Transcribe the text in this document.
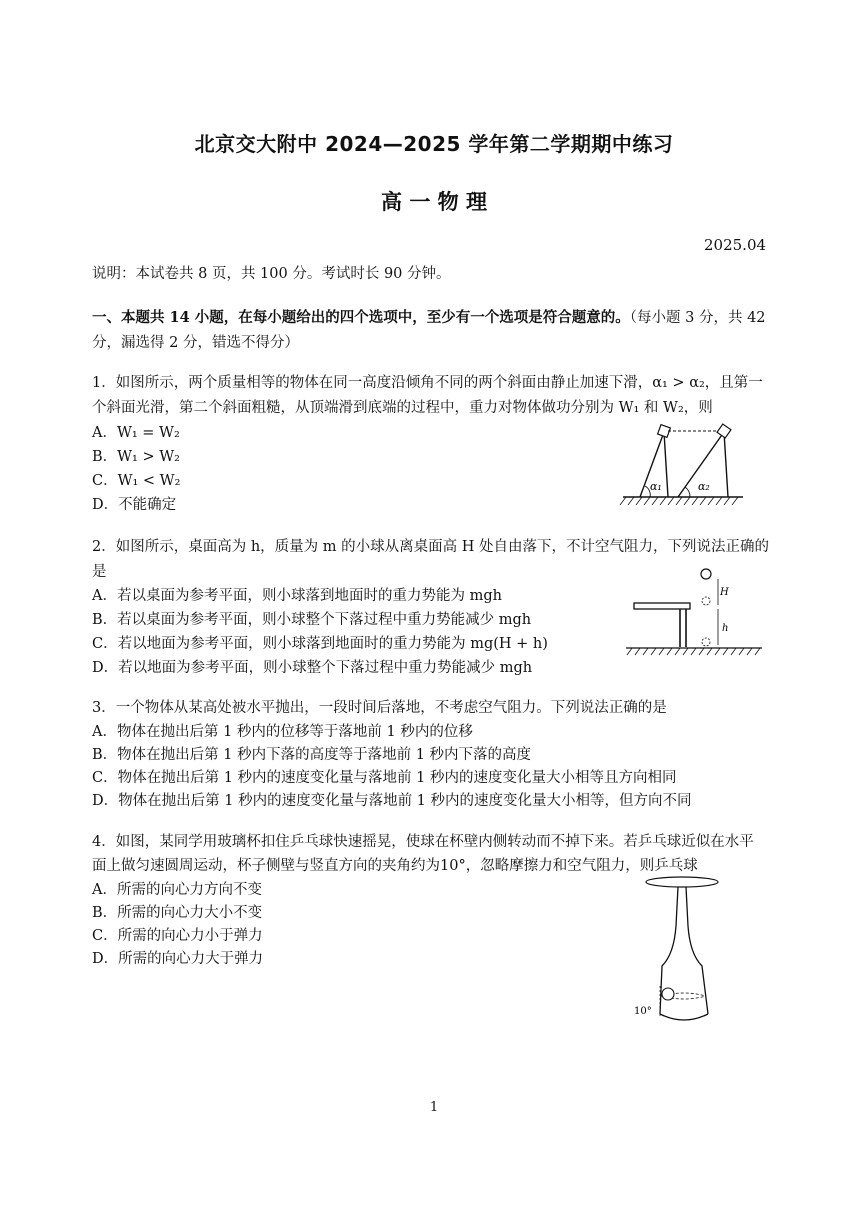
北京交大附中 2024—2025 学年第二学期期中练习
高 一 物 理
2025.04
说明：本试卷共 8 页，共 100 分。考试时长 90 分钟。
一、本题共 14 小题，在每小题给出的四个选项中，至少有一个选项是符合题意的。（每小题 3 分，共 42
分，漏选得 2 分，错选不得分）
1．如图所示，两个质量相等的物体在同一高度沿倾角不同的两个斜面由静止加速下滑，α₁ > α₂，且第一
个斜面光滑，第二个斜面粗糙，从顶端滑到底端的过程中，重力对物体做功分别为 W₁ 和 W₂，则
A．W₁ = W₂
B．W₁ > W₂
C．W₁ < W₂
D．不能确定
α₁	α₂
2．如图所示，桌面高为 h，质量为 m 的小球从离桌面高 H 处自由落下，不计空气阻力，下列说法正确的
是
A．若以桌面为参考平面，则小球落到地面时的重力势能为 mgh
B．若以桌面为参考平面，则小球整个下落过程中重力势能减少 mgh
C．若以地面为参考平面，则小球落到地面时的重力势能为 mg(H + h)
D．若以地面为参考平面，则小球整个下落过程中重力势能减少 mgh
H
h
3．一个物体从某高处被水平抛出，一段时间后落地，不考虑空气阻力。下列说法正确的是
A．物体在抛出后第 1 秒内的位移等于落地前 1 秒内的位移
B．物体在抛出后第 1 秒内下落的高度等于落地前 1 秒内下落的高度
C．物体在抛出后第 1 秒内的速度变化量与落地前 1 秒内的速度变化量大小相等且方向相同
D．物体在抛出后第 1 秒内的速度变化量与落地前 1 秒内的速度变化量大小相等，但方向不同
4．如图，某同学用玻璃杯扣住乒乓球快速摇晃，使球在杯壁内侧转动而不掉下来。若乒乓球近似在水平
面上做匀速圆周运动，杯子侧壁与竖直方向的夹角约为10°，忽略摩擦力和空气阻力，则乒乓球
A．所需的向心力方向不变
B．所需的向心力大小不变
C．所需的向心力小于弹力
D．所需的向心力大于弹力
10°
1
